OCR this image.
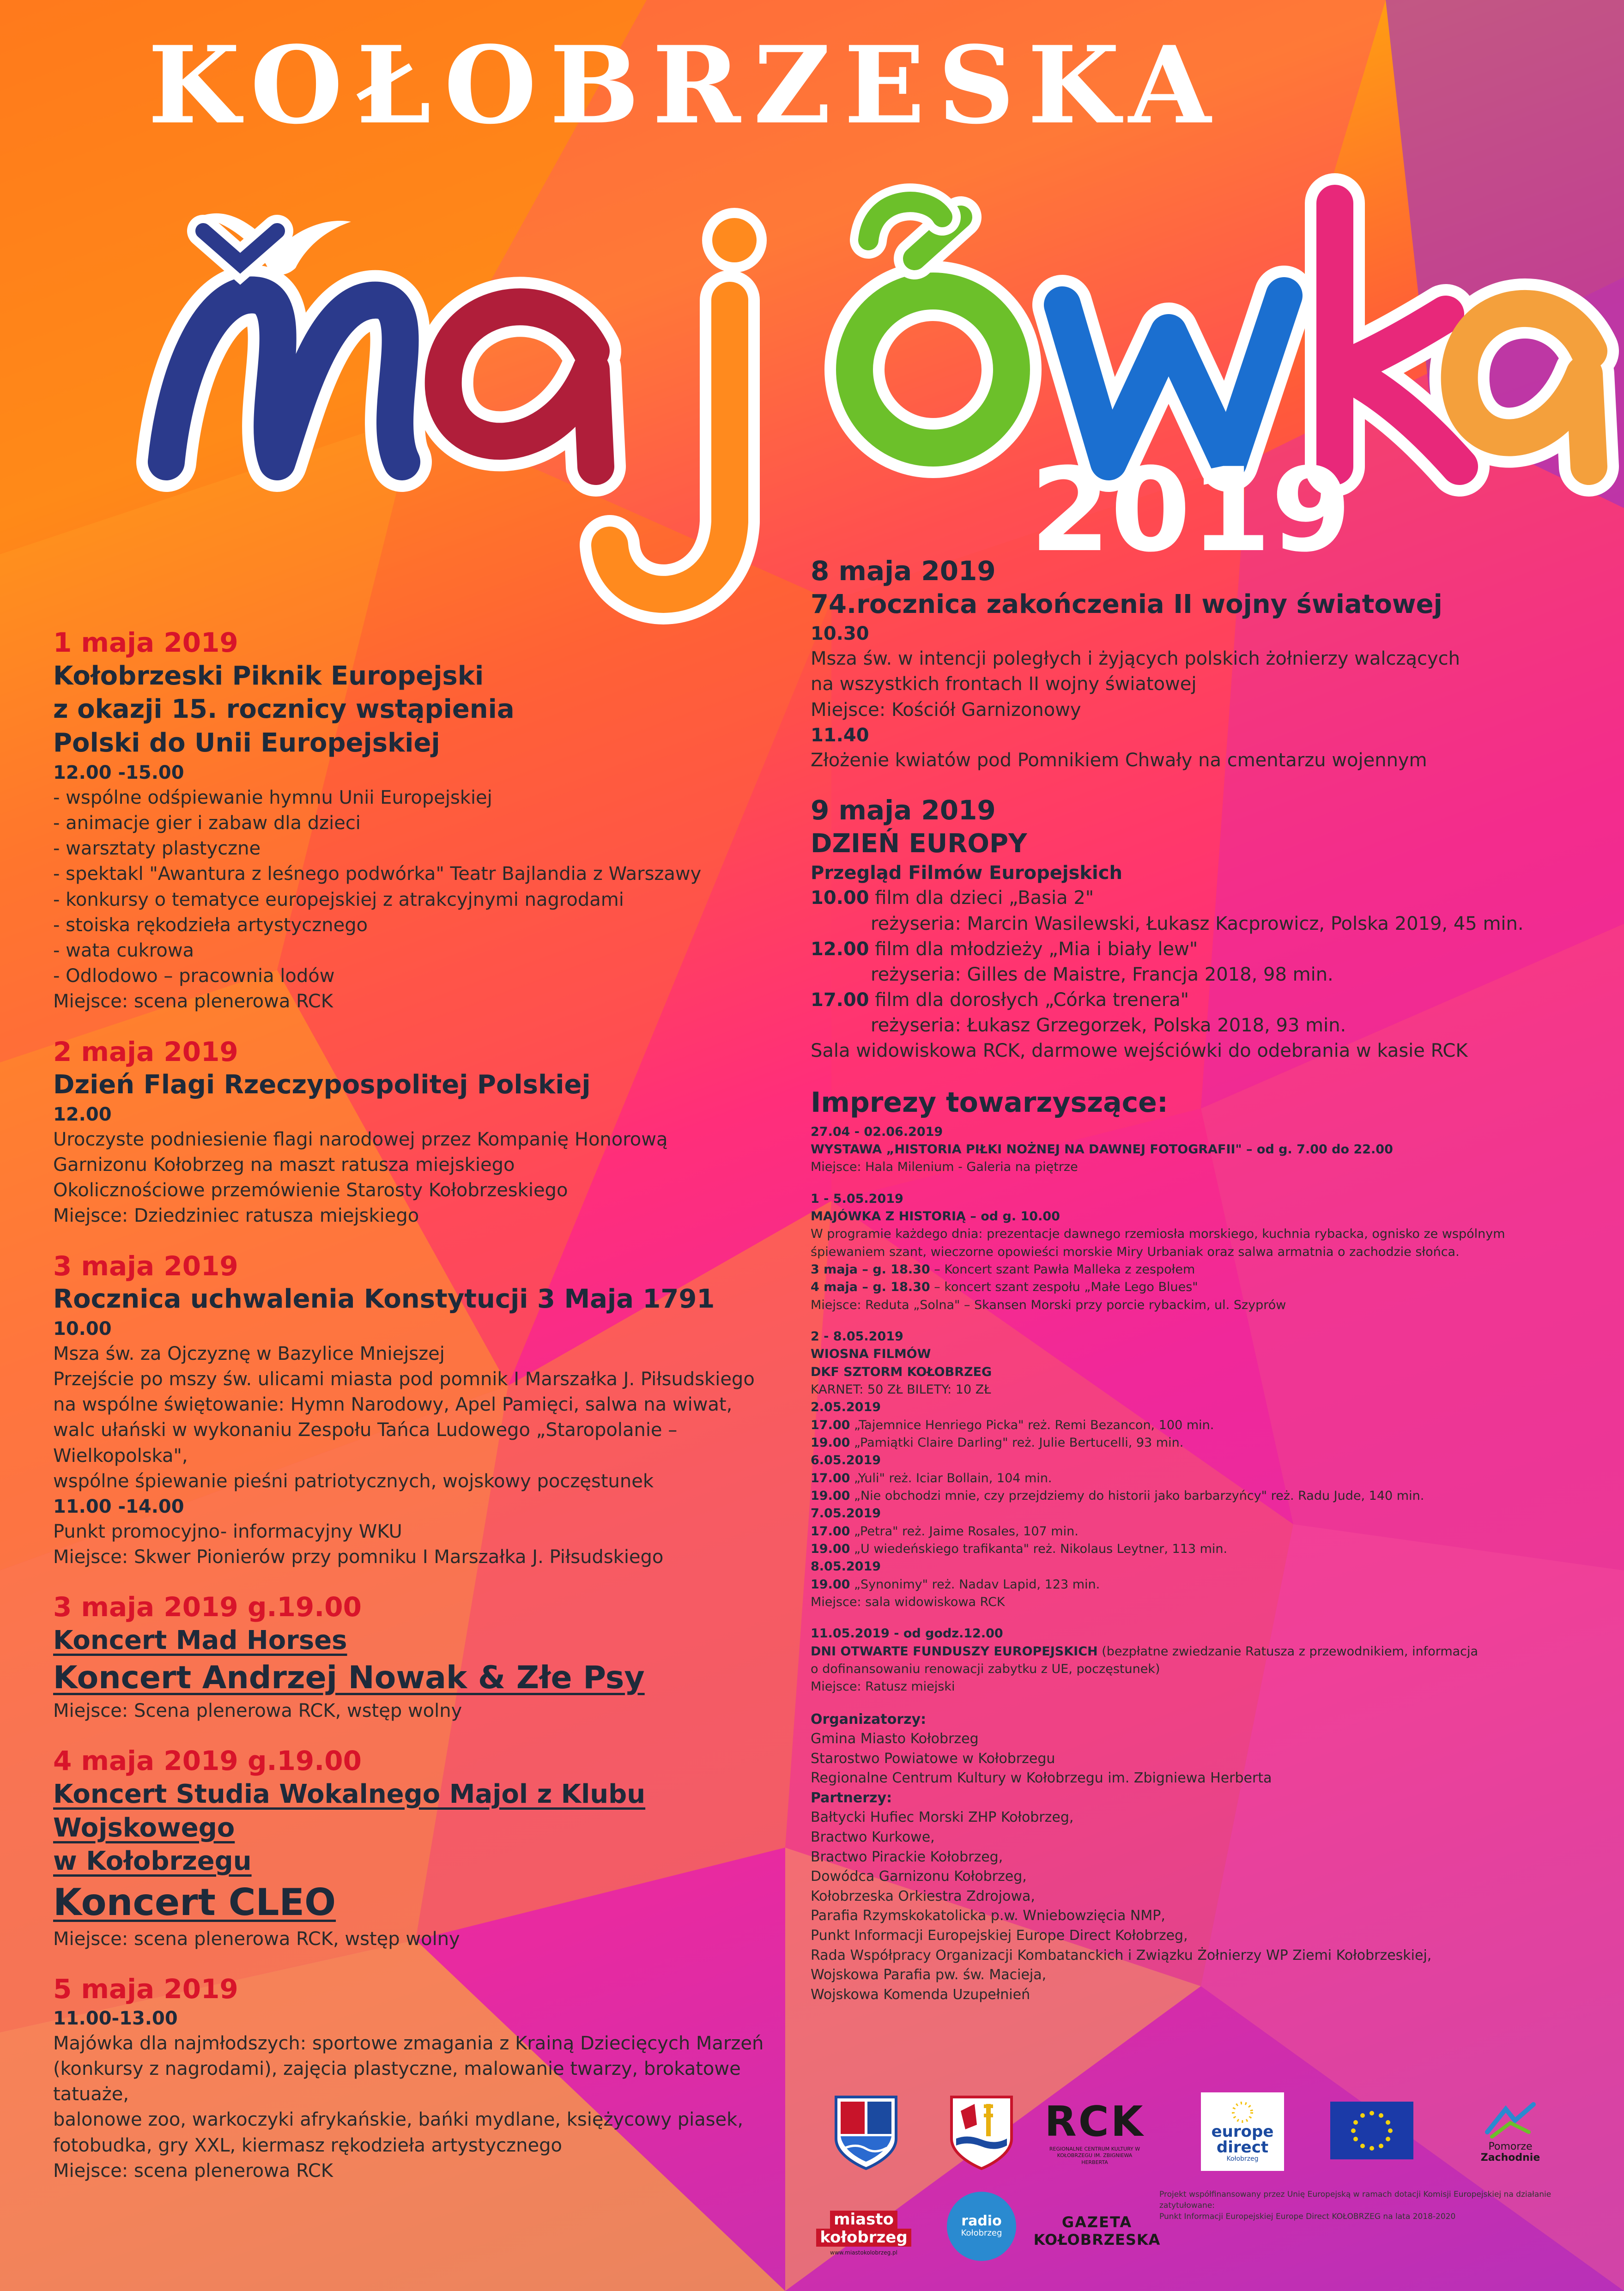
KOŁOBRZESKA
2019

1 maja 2019

Kołobrzeski Piknik Europejski

z okazji 15. rocznicy wstąpienia

Polski do Unii Europejskiej

12.00 -15.00

- wspólne odśpiewanie hymnu Unii Europejskiej

- animacje gier i zabaw dla dzieci

- warsztaty plastyczne

- spektakl "Awantura z leśnego podwórka" Teatr Bajlandia z Warszawy

- konkursy o tematyce europejskiej z atrakcyjnymi nagrodami

- stoiska rękodzieła artystycznego

- wata cukrowa

- Odlodowo – pracownia lodów

Miejsce: scena plenerowa RCK

2 maja 2019

Dzień Flagi Rzeczypospolitej Polskiej

12.00

Uroczyste podniesienie flagi narodowej przez Kompanię Honorową

Garnizonu Kołobrzeg na maszt ratusza miejskiego

Okolicznościowe przemówienie Starosty Kołobrzeskiego

Miejsce: Dziedziniec ratusza miejskiego

3 maja 2019

Rocznica uchwalenia Konstytucji 3 Maja 1791

10.00

Msza św. za Ojczyznę w Bazylice Mniejszej

Przejście po mszy św. ulicami miasta pod pomnik I Marszałka J. Piłsudskiego

na wspólne świętowanie: Hymn Narodowy, Apel Pamięci, salwa na wiwat,

walc ułański w wykonaniu Zespołu Tańca Ludowego „Staropolanie – Wielkopolska",

wspólne śpiewanie pieśni patriotycznych, wojskowy poczęstunek

11.00 -14.00

Punkt promocyjno- informacyjny WKU

Miejsce: Skwer Pionierów przy pomniku I Marszałka J. Piłsudskiego

3 maja 2019 g.19.00

Koncert Mad Horses

Koncert Andrzej Nowak & Złe Psy

Miejsce: Scena plenerowa RCK, wstęp wolny

4 maja 2019 g.19.00

Koncert Studia Wokalnego Majol z Klubu Wojskowego

w Kołobrzegu

Koncert CLEO

Miejsce: scena plenerowa RCK, wstęp wolny

5 maja 2019

11.00-13.00

Majówka dla najmłodszych: sportowe zmagania z Krainą Dziecięcych Marzeń

(konkursy z nagrodami), zajęcia plastyczne, malowanie twarzy, brokatowe tatuaże,

balonowe zoo, warkoczyki afrykańskie, bańki mydlane, księżycowy piasek,

fotobudka, gry XXL, kiermasz rękodzieła artystycznego

Miejsce: scena plenerowa RCK

8 maja 2019

74.rocznica zakończenia II wojny światowej

10.30

Msza św. w intencji poległych i żyjących polskich żołnierzy walczących

na wszystkich frontach II wojny światowej

Miejsce: Kościół Garnizonowy

11.40

Złożenie kwiatów pod Pomnikiem Chwały na cmentarzu wojennym

9 maja 2019

DZIEŃ EUROPY

Przegląd Filmów Europejskich

10.00 film dla dzieci „Basia 2"

reżyseria: Marcin Wasilewski, Łukasz Kacprowicz, Polska 2019, 45 min.

12.00 film dla młodzieży „Mia i biały lew"

reżyseria: Gilles de Maistre, Francja 2018, 98 min.

17.00 film dla dorosłych „Córka trenera"

reżyseria: Łukasz Grzegorzek, Polska 2018, 93 min.

Sala widowiskowa RCK, darmowe wejściówki do odebrania w kasie RCK

Imprezy towarzyszące:

27.04 - 02.06.2019

WYSTAWA „HISTORIA PIŁKI NOŻNEJ NA DAWNEJ FOTOGRAFII" – od g. 7.00 do 22.00

Miejsce: Hala Milenium - Galeria na piętrze

1 - 5.05.2019

MAJÓWKA Z HISTORIĄ – od g. 10.00

W programie każdego dnia: prezentacje dawnego rzemiosła morskiego, kuchnia rybacka, ognisko ze wspólnym

śpiewaniem szant, wieczorne opowieści morskie Miry Urbaniak oraz salwa armatnia o zachodzie słońca.

3 maja – g. 18.30 – Koncert szant Pawła Malleka z zespołem

4 maja – g. 18.30 – koncert szant zespołu „Małe Lego Blues"

Miejsce: Reduta „Solna" – Skansen Morski przy porcie rybackim, ul. Szyprów

2 - 8.05.2019

WIOSNA FILMÓW

DKF SZTORM KOŁOBRZEG

KARNET: 50 ZŁ BILETY: 10 ZŁ

2.05.2019

17.00 „Tajemnice Henriego Picka" reż. Remi Bezancon, 100 min.

19.00 „Pamiątki Claire Darling" reż. Julie Bertucelli, 93 min.

6.05.2019

17.00 „Yuli" reż. Iciar Bollain, 104 min.

19.00 „Nie obchodzi mnie, czy przejdziemy do historii jako barbarzyńcy" reż. Radu Jude, 140 min.

7.05.2019

17.00 „Petra" reż. Jaime Rosales, 107 min.

19.00 „U wiedeńskiego trafikanta" reż. Nikolaus Leytner, 113 min.

8.05.2019

19.00 „Synonimy" reż. Nadav Lapid, 123 min.

Miejsce: sala widowiskowa RCK

11.05.2019 - od godz.12.00

DNI OTWARTE FUNDUSZY EUROPEJSKICH (bezpłatne zwiedzanie Ratusza z przewodnikiem, informacja

o dofinansowaniu renowacji zabytku z UE, poczęstunek)

Miejsce: Ratusz miejski

Organizatorzy:

Gmina Miasto Kołobrzeg

Starostwo Powiatowe w Kołobrzegu

Regionalne Centrum Kultury w Kołobrzegu im. Zbigniewa Herberta

Partnerzy:

Bałtycki Hufiec Morski ZHP Kołobrzeg,

Bractwo Kurkowe,

Bractwo Pirackie Kołobrzeg,

Dowódca Garnizonu Kołobrzeg,

Kołobrzeska Orkiestra Zdrojowa,

Parafia Rzymskokatolicka p.w. Wniebowzięcia NMP,

Punkt Informacji Europejskiej Europe Direct Kołobrzeg,

Rada Współpracy Organizacji Kombatanckich i Związku Żołnierzy WP Ziemi Kołobrzeskiej,

Wojskowa Parafia pw. św. Macieja,

Wojskowa Komenda Uzupełnień

RCK
REGIONALNE CENTRUM KULTURY W KOŁOBRZEGU IM. ZBIGNIEWA HERBERTA
europe
direct
Kołobrzeg
Pomorze
Zachodnie
miasto
kołobrzeg
www.miastokolobrzeg.pl
radio
Kołobrzeg
GAZETA
KOŁOBRZESKA
Projekt współfinansowany przez Unię Europejską w ramach dotacji Komisji Europejskiej na działanie zatytułowane:
Punkt Informacji Europejskiej Europe Direct KOŁOBRZEG na lata 2018-2020
